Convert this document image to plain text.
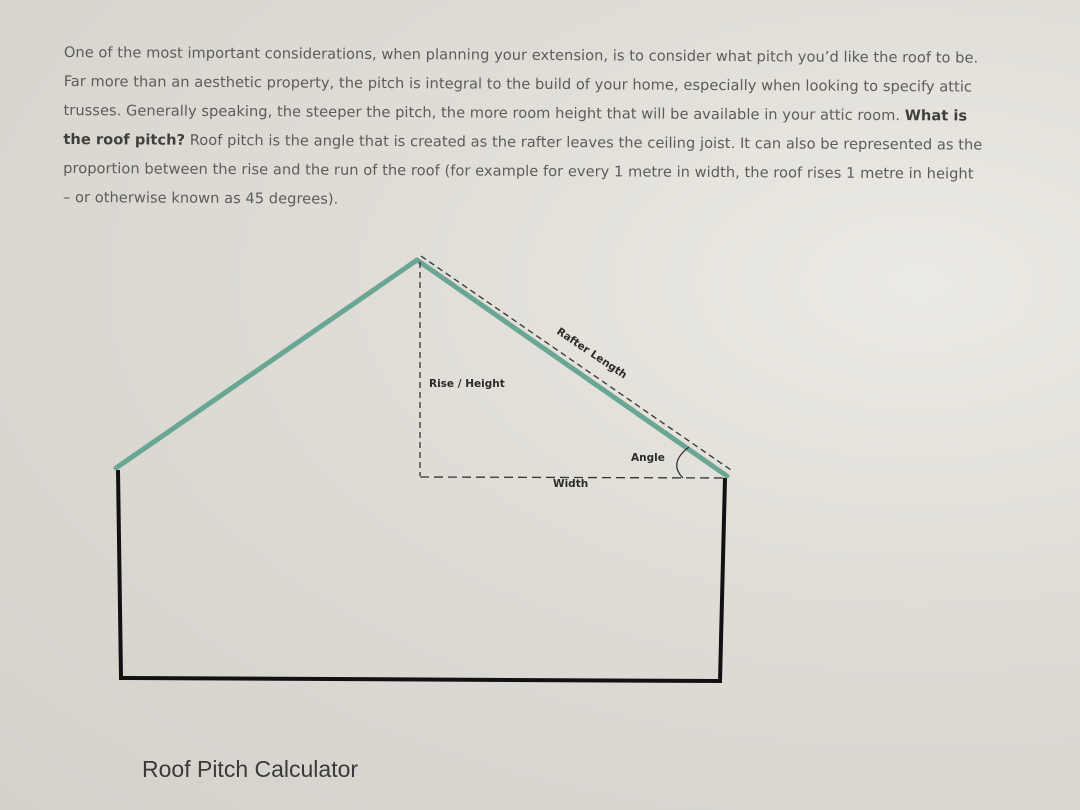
One of the most important considerations, when planning your extension, is to consider what pitch you’d like the roof to be. Far more than an aesthetic property, the pitch is integral to the build of your home, especially when looking to specify attic trusses. Generally speaking, the steeper the pitch, the more room height that will be available in your attic room. What is the roof pitch? Roof pitch is the angle that is created as the rafter leaves the ceiling joist. It can also be represented as the proportion between the rise and the run of the roof (for example for every 1 metre in width, the roof rises 1 metre in height – or otherwise known as 45 degrees).

Rise / Height
Rafter Length
Angle
Width
Roof Pitch Calculator
